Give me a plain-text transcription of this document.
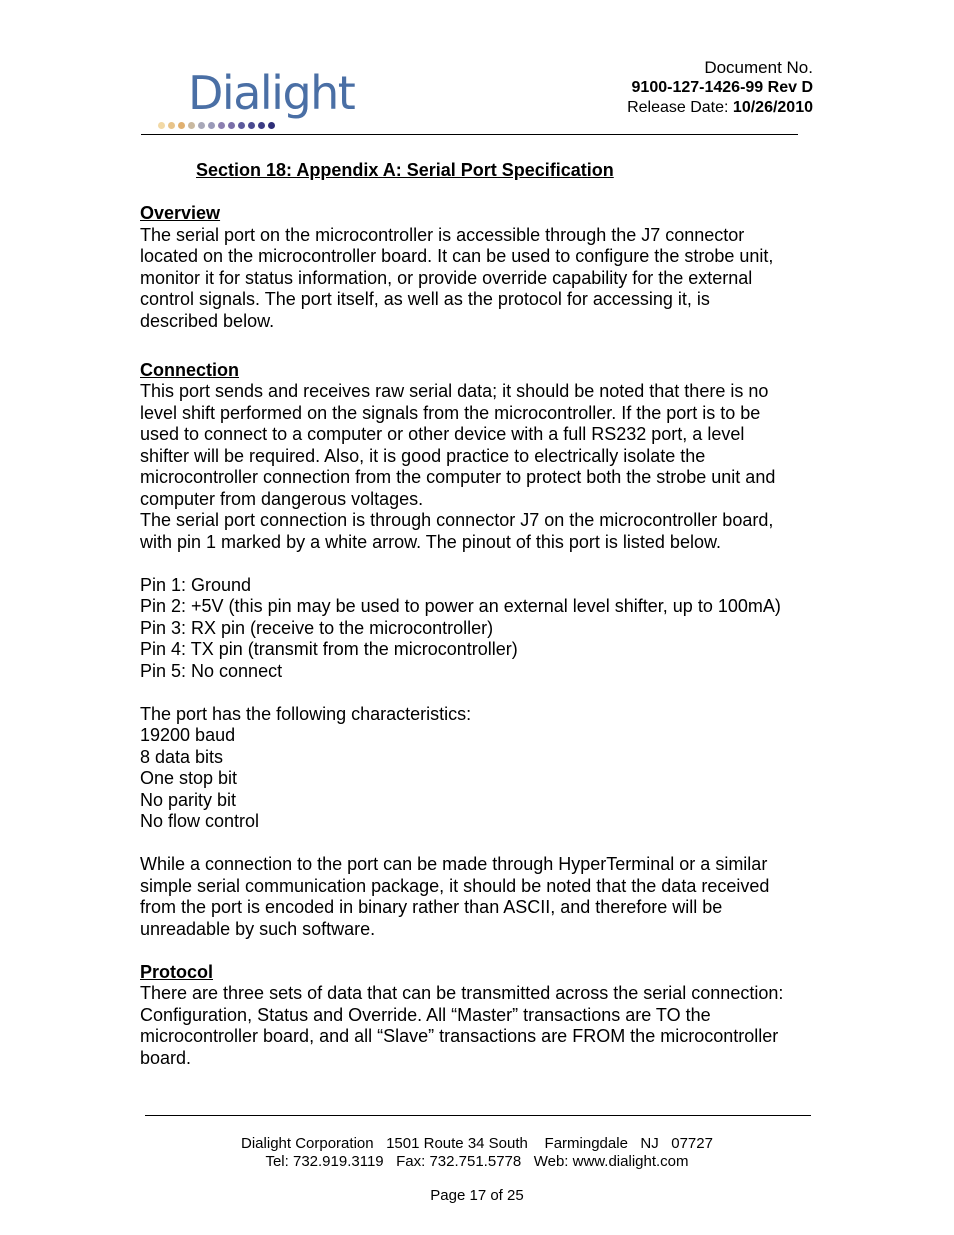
Dialight	Document No.
9100-127-1426-99 Rev D
Release Date: 10/26/2010
Section 18: Appendix A: Serial Port Specification

Overview

The serial port on the microcontroller is accessible through the J7 connector

located on the microcontroller board. It can be used to configure the strobe unit,

monitor it for status information, or provide override capability for the external

control signals. The port itself, as well as the protocol for accessing it, is

described below.

Connection

This port sends and receives raw serial data; it should be noted that there is no

level shift performed on the signals from the microcontroller. If the port is to be

used to connect to a computer or other device with a full RS232 port, a level

shifter will be required. Also, it is good practice to electrically isolate the

microcontroller connection from the computer to protect both the strobe unit and

computer from dangerous voltages.

The serial port connection is through connector J7 on the microcontroller board,

with pin 1 marked by a white arrow. The pinout of this port is listed below.

Pin 1: Ground

Pin 2: +5V (this pin may be used to power an external level shifter, up to 100mA)

Pin 3: RX pin (receive to the microcontroller)

Pin 4: TX pin (transmit from the microcontroller)

Pin 5: No connect

The port has the following characteristics:

19200 baud

8 data bits

One stop bit

No parity bit

No flow control

While a connection to the port can be made through HyperTerminal or a similar

simple serial communication package, it should be noted that the data received

from the port is encoded in binary rather than ASCII, and therefore will be

unreadable by such software.

Protocol

There are three sets of data that can be transmitted across the serial connection:

Configuration, Status and Override. All “Master” transactions are TO the

microcontroller board, and all “Slave” transactions are FROM the microcontroller

board.

Dialight Corporation   1501 Route 34 South    Farmingdale   NJ   07727

Tel: 732.919.3119   Fax: 732.751.5778   Web: www.dialight.com

Page 17 of 25
